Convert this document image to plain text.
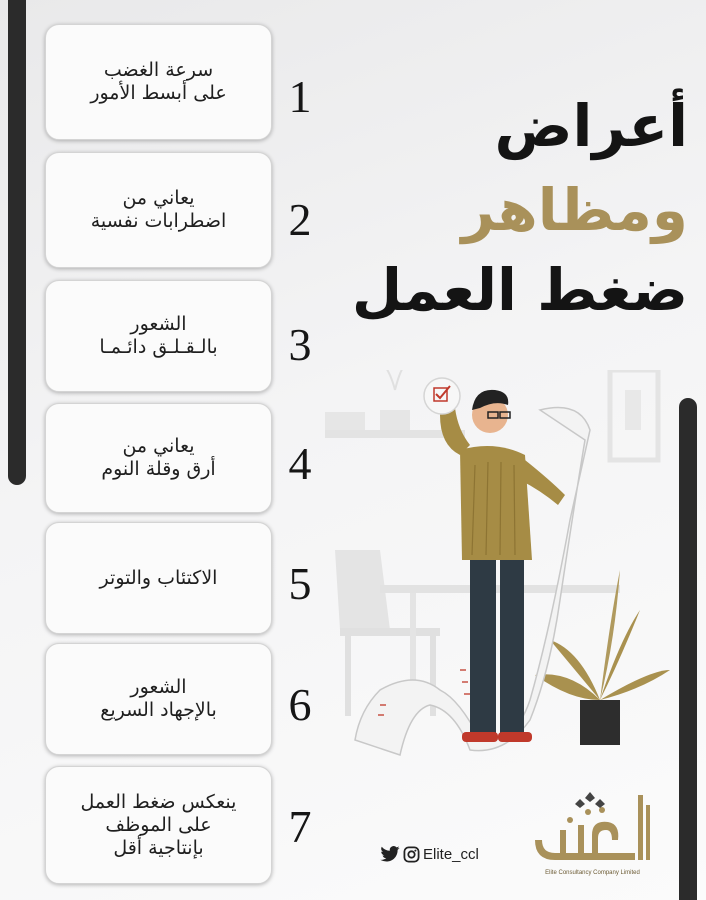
سرعة الغضب
على أبسط الأمور	1
يعاني من
اضطرابات نفسية	2
الشعور
بالـقـلـق دائـمـا	3
يعاني من
أرق وقلة النوم	4
الاكتئاب والتوتر	5
الشعور
بالإجهاد السريع	6
ينعكس ضغط العمل
على الموظف
بإنتاجية أقل	7
أعراض
ومظاهر
ضغط العمل
Elite_ccl
Elite Consultancy Company Limited
